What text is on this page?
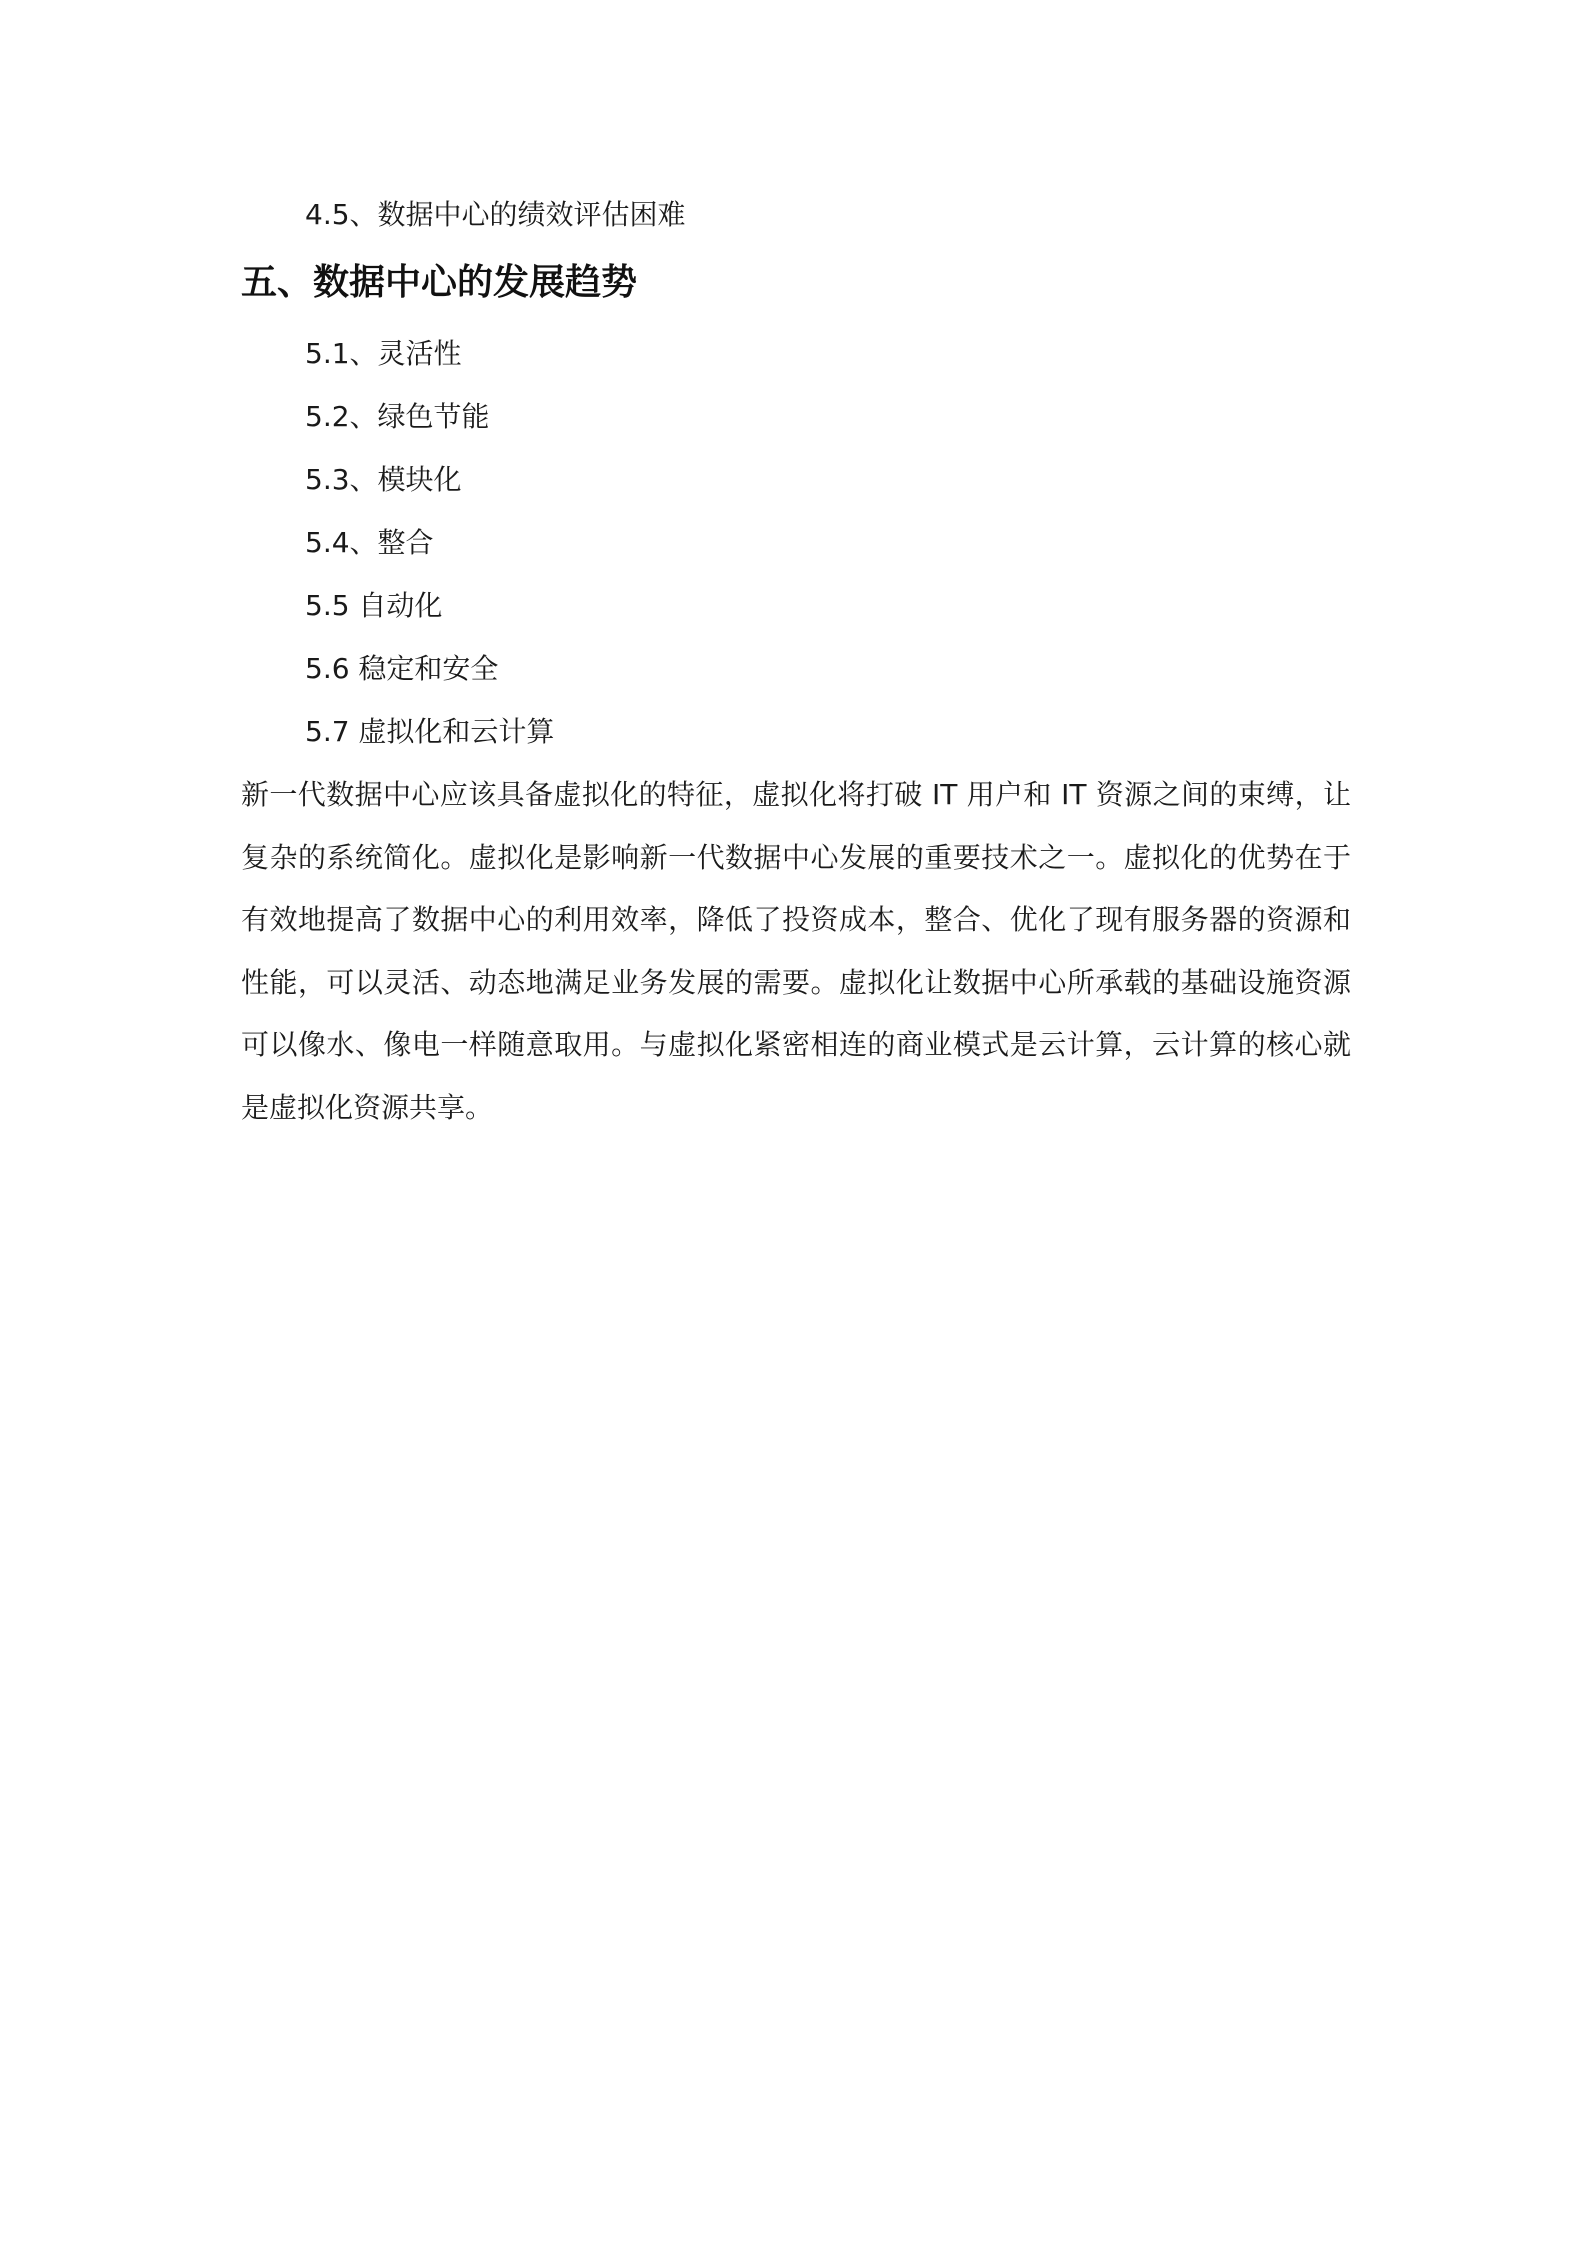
4.5、数据中心的绩效评估困难
五、数据中心的发展趋势
5.1、灵活性
5.2、绿色节能
5.3、模块化
5.4、整合
5.5 自动化
5.6 稳定和安全
5.7 虚拟化和云计算

新一代数据中心应该具备虚拟化的特征，虚拟化将打破 IT 用户和 IT 资源之间的束缚，让复杂的系统简化。虚拟化是影响新一代数据中心发展的重要技术之一。虚拟化的优势在于有效地提高了数据中心的利用效率，降低了投资成本，整合、优化了现有服务器的资源和性能，可以灵活、动态地满足业务发展的需要。虚拟化让数据中心所承载的基础设施资源可以像水、像电一样随意取用。与虚拟化紧密相连的商业模式是云计算，云计算的核心就是虚拟化资源共享。
